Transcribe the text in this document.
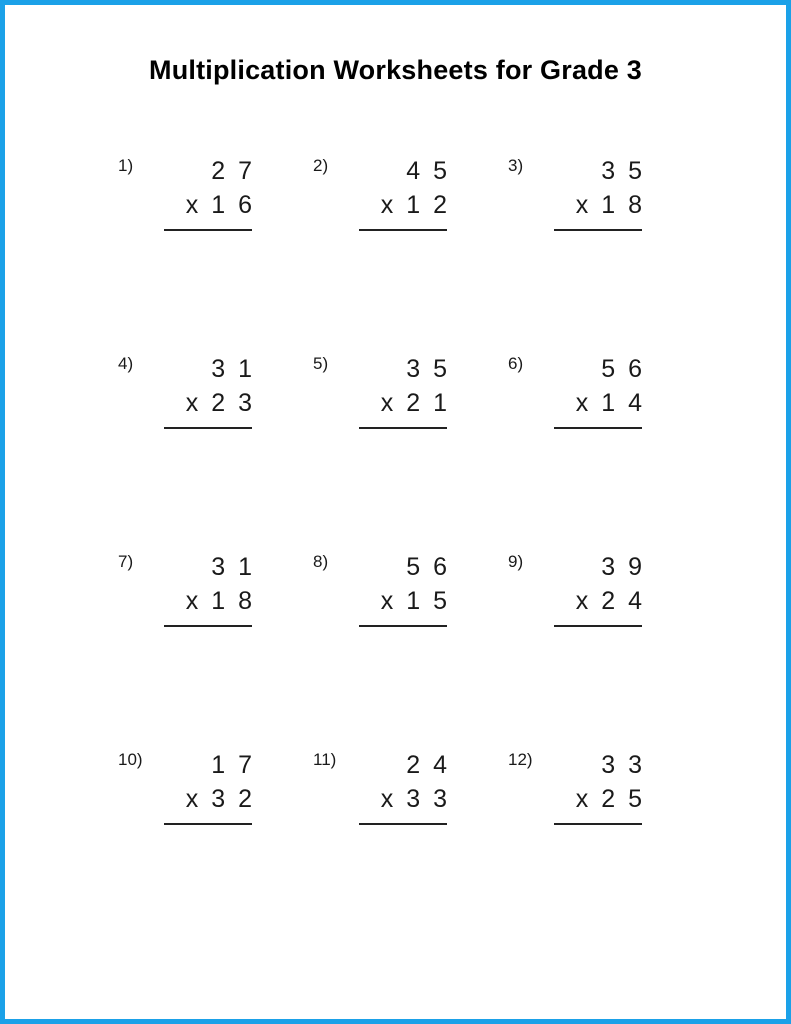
Multiplication Worksheets for Grade 3
1)	2 7
x 1 6
2)	4 5
x 1 2
3)	3 5
x 1 8
4)	3 1
x 2 3
5)	3 5
x 2 1
6)	5 6
x 1 4
7)	3 1
x 1 8
8)	5 6
x 1 5
9)	3 9
x 2 4
10)	1 7
x 3 2
11)	2 4
x 3 3
12)	3 3
x 2 5
